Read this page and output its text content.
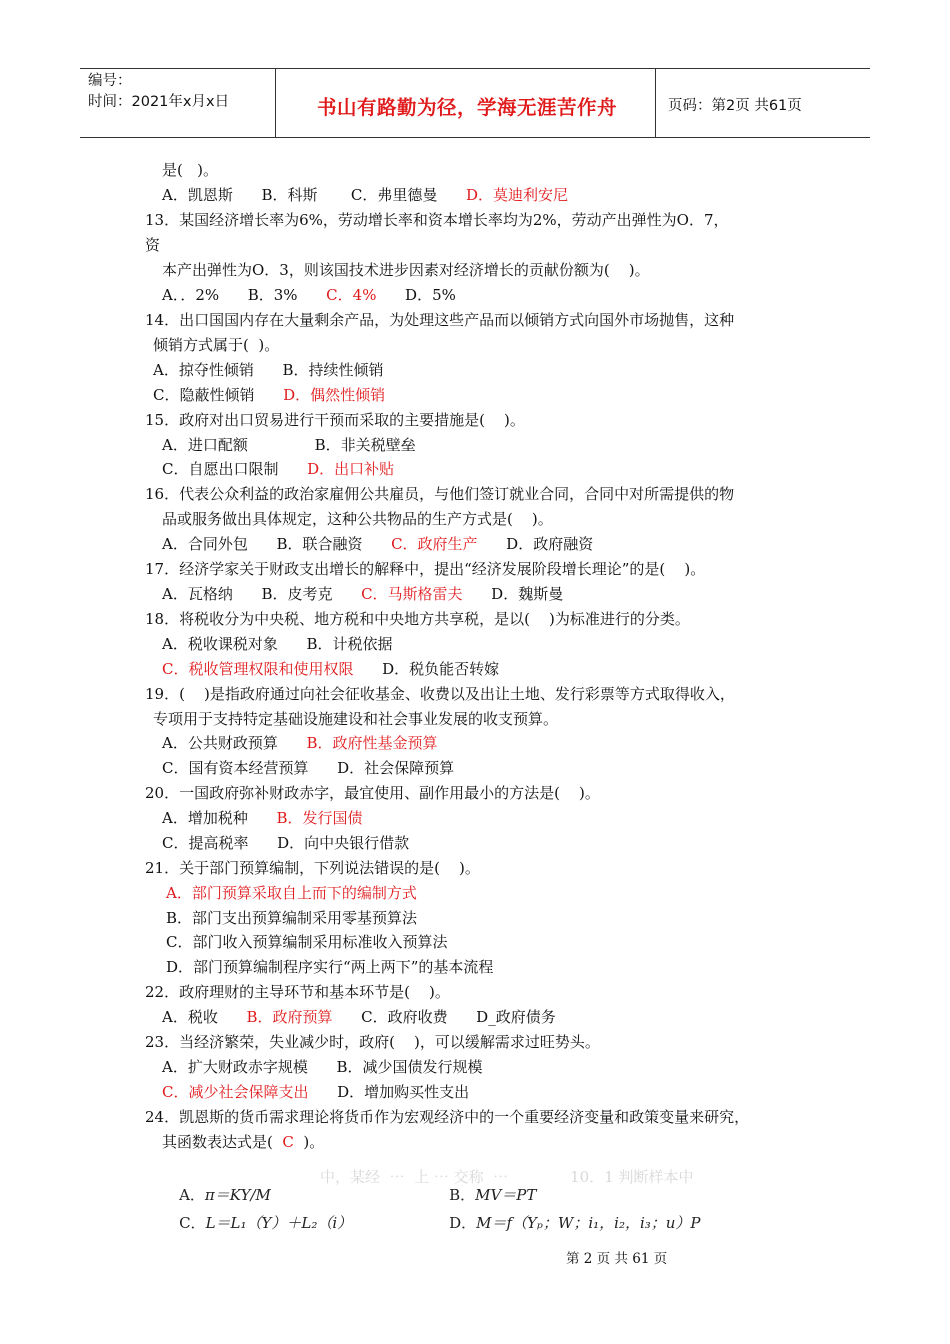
编号：
时间：2021年x月x日	书山有路勤为径，学海无涯苦作舟	页码：第2页 共61页
是(   )。
A．凯恩斯      B．科斯       C．弗里德曼      D．莫迪利安尼
13．某国经济增长率为6%，劳动增长率和资本增长率均为2%，劳动产出弹性为O．7，
资
本产出弹性为O．3，则该国技术进步因素对经济增长的贡献份额为(    )。
A．．2%      B．3%      C．4%      D．5%
14．出口国国内存在大量剩余产品，为处理这些产品而以倾销方式向国外市场抛售，这种
倾销方式属于(  )。
A．掠夺性倾销      B．持续性倾销
C．隐蔽性倾销      D．偶然性倾销
15．政府对出口贸易进行干预而采取的主要措施是(    )。
A．进口配额              B．非关税壁垒
C．自愿出口限制      D．出口补贴
16．代表公众利益的政治家雇佣公共雇员，与他们签订就业合同，合同中对所需提供的物
品或服务做出具体规定，这种公共物品的生产方式是(    )。
A．合同外包      B．联合融资      C．政府生产      D．政府融资
17．经济学家关于财政支出增长的解释中，提出“经济发展阶段增长理论”的是(    )。
A．瓦格纳      B．皮考克      C．马斯格雷夫      D．魏斯曼
18．将税收分为中央税、地方税和中央地方共享税，是以(    )为标准进行的分类。
A．税收课税对象      B．计税依据
C．税收管理权限和使用权限      D．税负能否转嫁
19．(    )是指政府通过向社会征收基金、收费以及出让土地、发行彩票等方式取得收入，
专项用于支持特定基础设施建设和社会事业发展的收支预算。
A．公共财政预算      B．政府性基金预算
C．国有资本经营预算      D．社会保障预算
20．一国政府弥补财政赤字，最宜使用、副作用最小的方法是(    )。
A．增加税种      B．发行国债
C．提高税率      D．向中央银行借款
21．关于部门预算编制，下列说法错误的是(    )。
A．部门预算采取自上而下的编制方式
B．部门支出预算编制采用零基预算法
C．部门收入预算编制采用标准收入预算法
D．部门预算编制程序实行“两上两下”的基本流程
22．政府理财的主导环节和基本环节是(    )。
A．税收      B．政府预算      C．政府收费      D_政府债务
23．当经济繁荣，失业减少时，政府(    )，可以缓解需求过旺势头。
A．扩大财政赤字规模      B．减少国债发行规模
C．减少社会保障支出      D．增加购买性支出
24．凯恩斯的货币需求理论将货币作为宏观经济中的一个重要经济变量和政策变量来研究，
其函数表达式是(  C  )。
中，某经  ⋯  上 ⋯ 交称  ⋯             10．1 判断样本中

A．π＝KY/M
	B．MV＝PT

C．L＝L₁（Y）＋L₂（i）
	D．M＝f（Yₚ；W；i₁，i₂，i₃；u）P

第 2 页 共 61 页
